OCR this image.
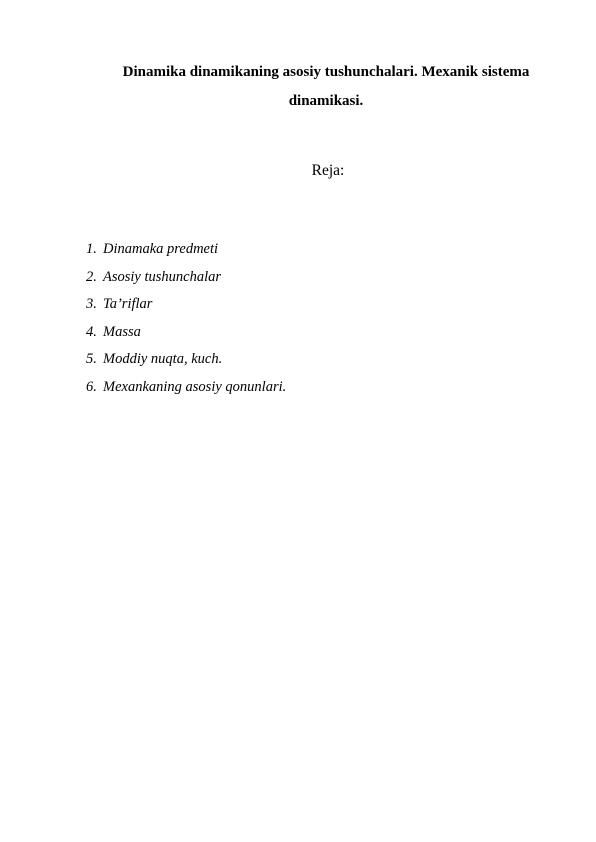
Dinamika dinamikaning asosiy tushunchalari. Mexanik sistema
dinamikasi.
Reja:
1. Dinamaka predmeti
2. Asosiy tushunchalar
3. Ta’riflar
4. Massa
5. Moddiy nuqta, kuch.
6. Mexankaning asosiy qonunlari.
